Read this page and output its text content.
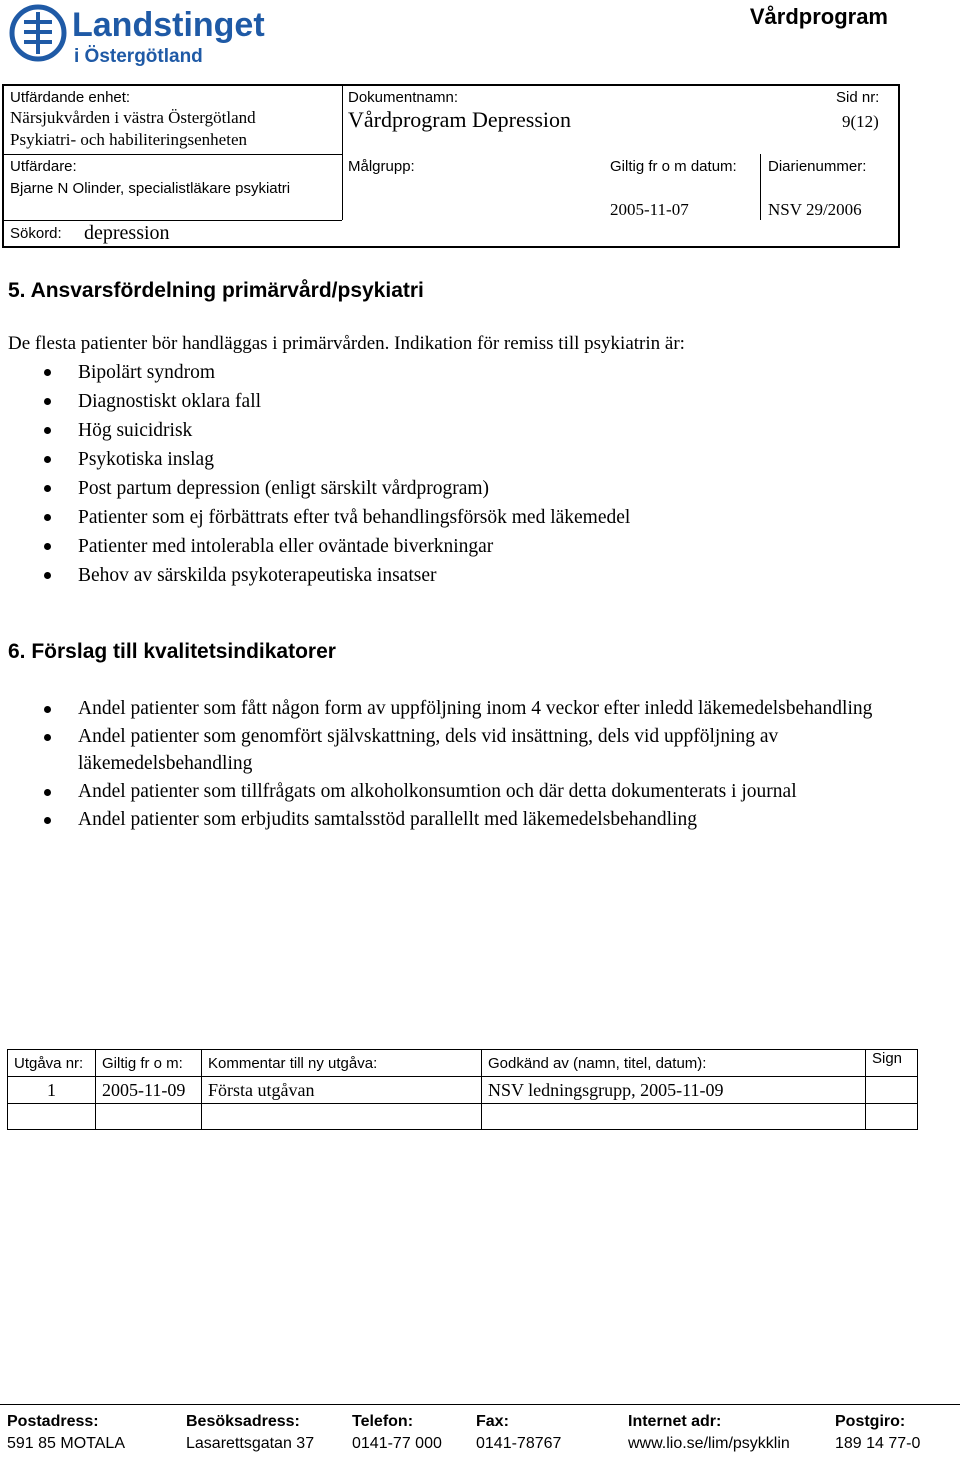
Landstinget
i Östergötland
Vårdprogram
Utfärdande enhet:
Närsjukvården i västra Östergötland
Psykiatri- och habiliteringsenheten
Dokumentnamn:
Vårdprogram Depression
Sid nr:
9(12)
Utfärdare:
Bjarne N Olinder, specialistläkare psykiatri
Målgrupp:	Giltig fr o m datum:
2005-11-07
Diarienummer:
NSV 29/2006
Sökord: depression
5. Ansvarsfördelning primärvård/psykiatri
De flesta patienter bör handläggas i primärvården. Indikation för remiss till psykiatrin är:
Bipolärt syndrom
Diagnostiskt oklara fall
Hög suicidrisk
Psykotiska inslag
Post partum depression (enligt särskilt vårdprogram)
Patienter som ej förbättrats efter två behandlingsförsök med läkemedel
Patienter med intolerabla eller oväntade biverkningar
Behov av särskilda psykoterapeutiska insatser
6. Förslag till kvalitetsindikatorer
Andel patienter som fått någon form av uppföljning inom 4 veckor efter inledd läkemedelsbehandling
Andel patienter som genomfört självskattning, dels vid insättning, dels vid uppföljning av läkemedelsbehandling
Andel patienter som tillfrågats om alkoholkonsumtion och där detta dokumenterats i journal
Andel patienter som erbjudits samtalsstöd parallellt med läkemedelsbehandling
Utgåva nr:	Giltig fr o m:	Kommentar till ny utgåva:	Godkänd av (namn, titel, datum):	Sign
1	2005-11-09	Första utgåvan	NSV ledningsgrupp, 2005-11-09	

Postadress:
591 85 MOTALA
Besöksadress:
Lasarettsgatan 37
Telefon:
0141-77 000
Fax:
0141-78767
Internet adr:
www.lio.se/lim/psykklin
Postgiro:
189 14 77-0
